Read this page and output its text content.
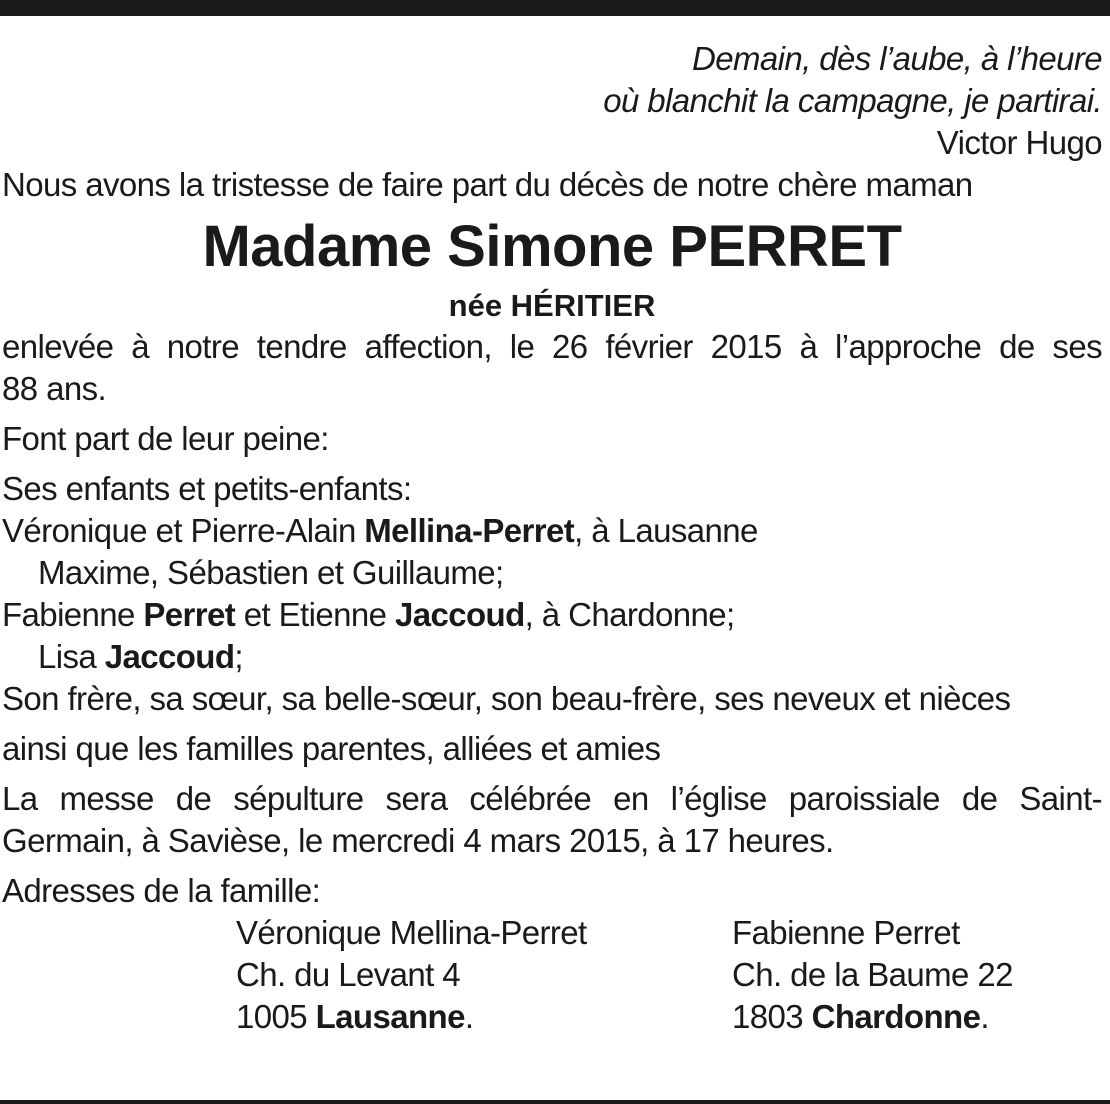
Demain, dès l’aube, à l’heure
où blanchit la campagne, je partirai.
Victor Hugo
Nous avons la tristesse de faire part du décès de notre chère maman
Madame Simone PERRET
née HÉRITIER
enlevée à notre tendre affection, le 26 février 2015 à l’approche de ses
88 ans.
Font part de leur peine:
Ses enfants et petits-enfants:
Véronique et Pierre-Alain Mellina-Perret, à Lausanne
Maxime, Sébastien et Guillaume;
Fabienne Perret et Etienne Jaccoud, à Chardonne;
Lisa Jaccoud;
Son frère, sa sœur, sa belle-sœur, son beau-frère, ses neveux et nièces
ainsi que les familles parentes, alliées et amies
La messe de sépulture sera célébrée en l’église paroissiale de Saint-
Germain, à Savièse, le mercredi 4 mars 2015, à 17 heures.
Adresses de la famille:
Véronique Mellina-Perret
Ch. du Levant 4
1005 Lausanne.
Fabienne Perret
Ch. de la Baume 22
1803 Chardonne.
